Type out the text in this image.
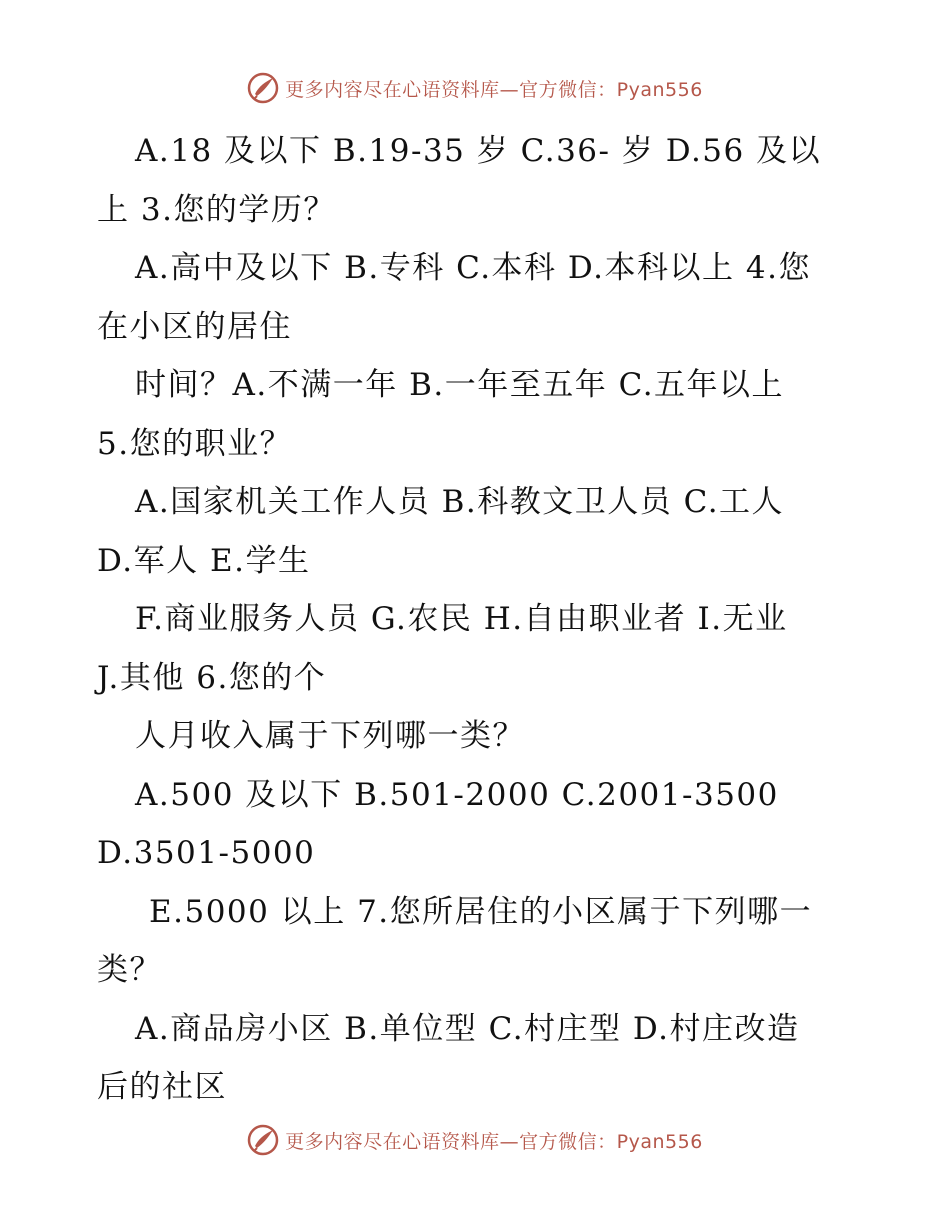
更多内容尽在心语资料库—官方微信：Pyan556
A.18 及以下 B.19-35 岁 C.36- 岁 D.56 及以
上 3.您的学历？
A.高中及以下 B.专科 C.本科 D.本科以上 4.您
在小区的居住
时间？A.不满一年 B.一年至五年 C.五年以上
5.您的职业？
A.国家机关工作人员 B.科教文卫人员 C.工人
D.军人 E.学生
F.商业服务人员 G.农民 H.自由职业者 I.无业
J.其他 6.您的个
人月收入属于下列哪一类？
A.500 及以下 B.501-2000 C.2001-3500
D.3501-5000
E.5000 以上 7.您所居住的小区属于下列哪一
类？
A.商品房小区 B.单位型 C.村庄型 D.村庄改造
后的社区
更多内容尽在心语资料库—官方微信：Pyan556
